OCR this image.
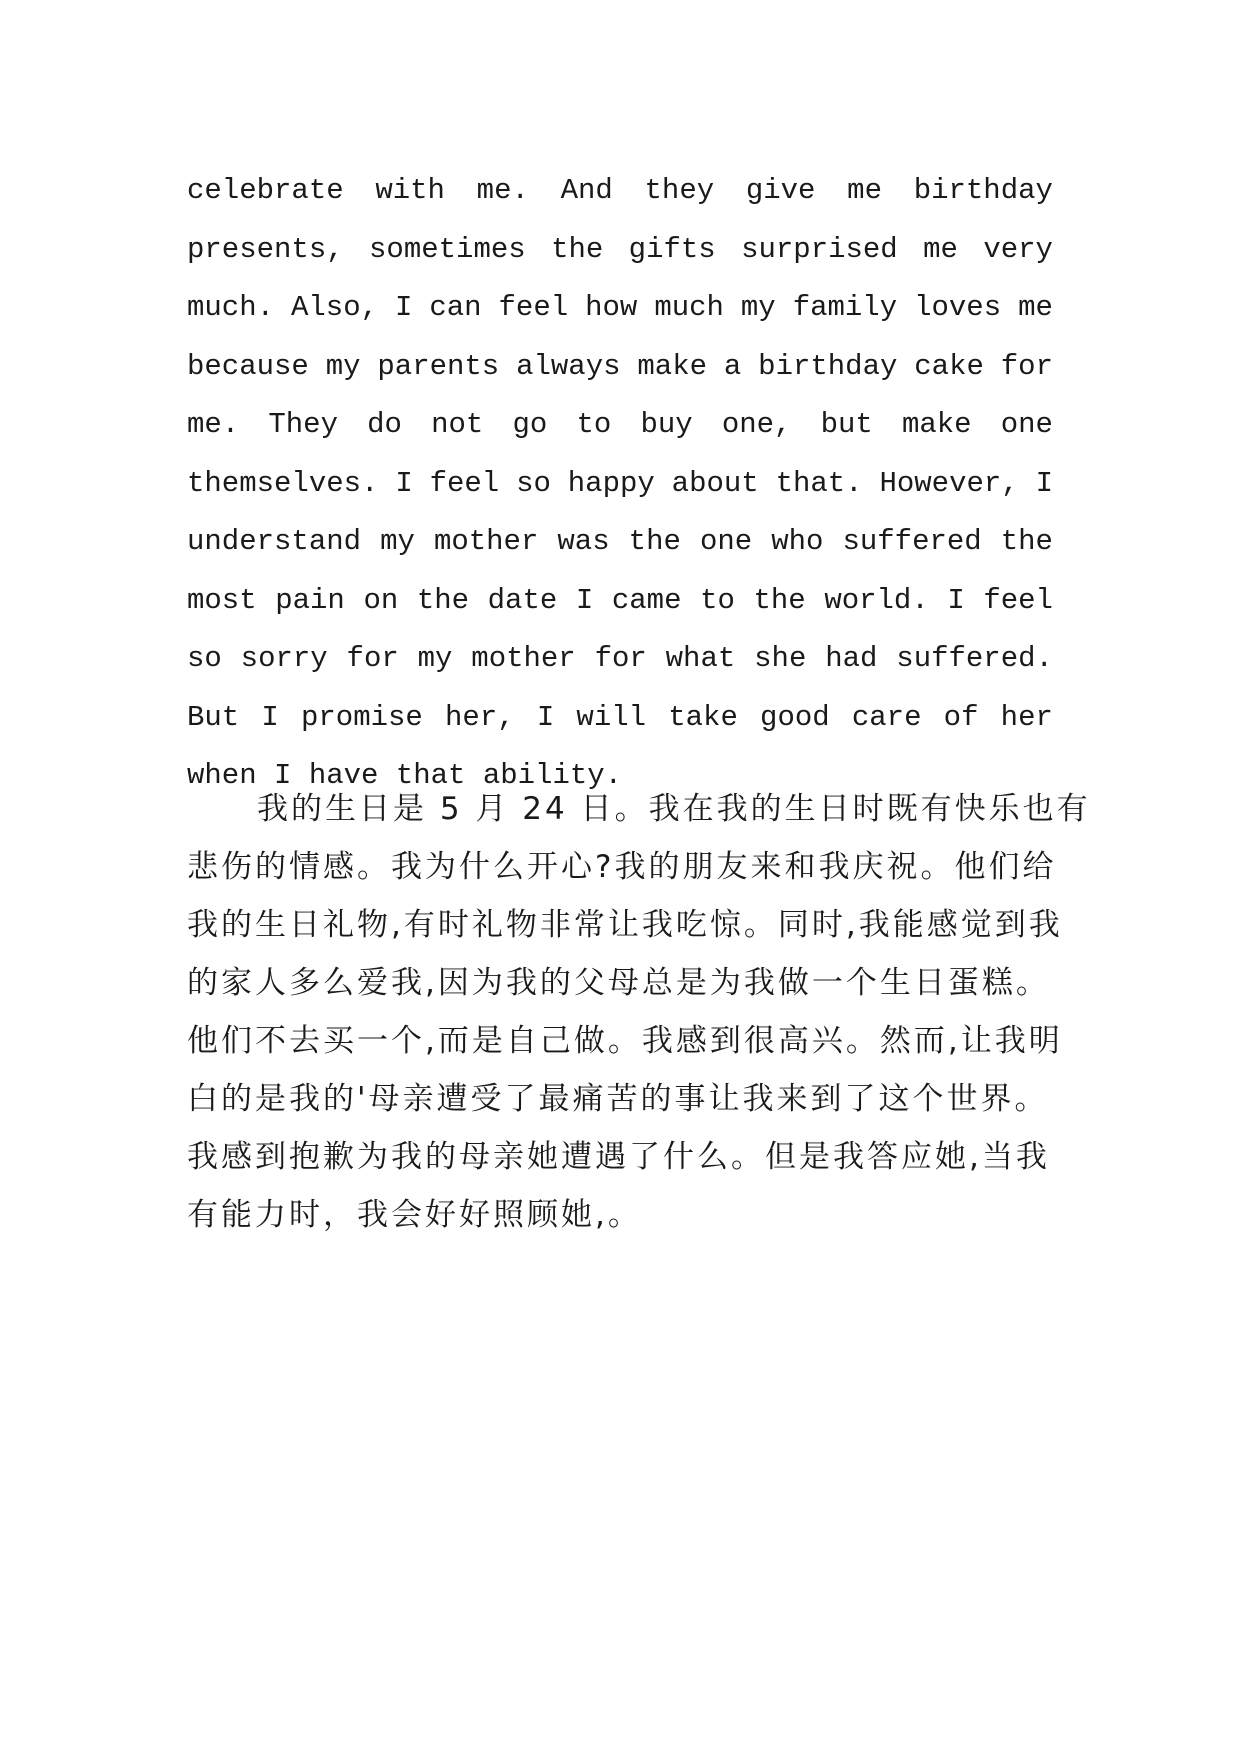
celebrate with me. And they give me birthday
presents, sometimes the gifts surprised me very
much. Also, I can feel how much my family loves me
because my parents always make a birthday cake for
me. They do not go to buy one, but make one
themselves. I feel so happy about that. However, I
understand my mother was the one who suffered the
most pain on the date I came to the world. I feel
so sorry for my mother for what she had suffered.
But I promise her, I will take good care of her
when I have that ability.
我的生日是 5 月 24 日。我在我的生日时既有快乐也有
悲伤的情感。我为什么开心?我的朋友来和我庆祝。他们给
我的生日礼物,有时礼物非常让我吃惊。同时,我能感觉到我
的家人多么爱我,因为我的父母总是为我做一个生日蛋糕。
他们不去买一个,而是自己做。我感到很高兴。然而,让我明
白的是我的'母亲遭受了最痛苦的事让我来到了这个世界。
我感到抱歉为我的母亲她遭遇了什么。但是我答应她,当我
有能力时，我会好好照顾她,。
